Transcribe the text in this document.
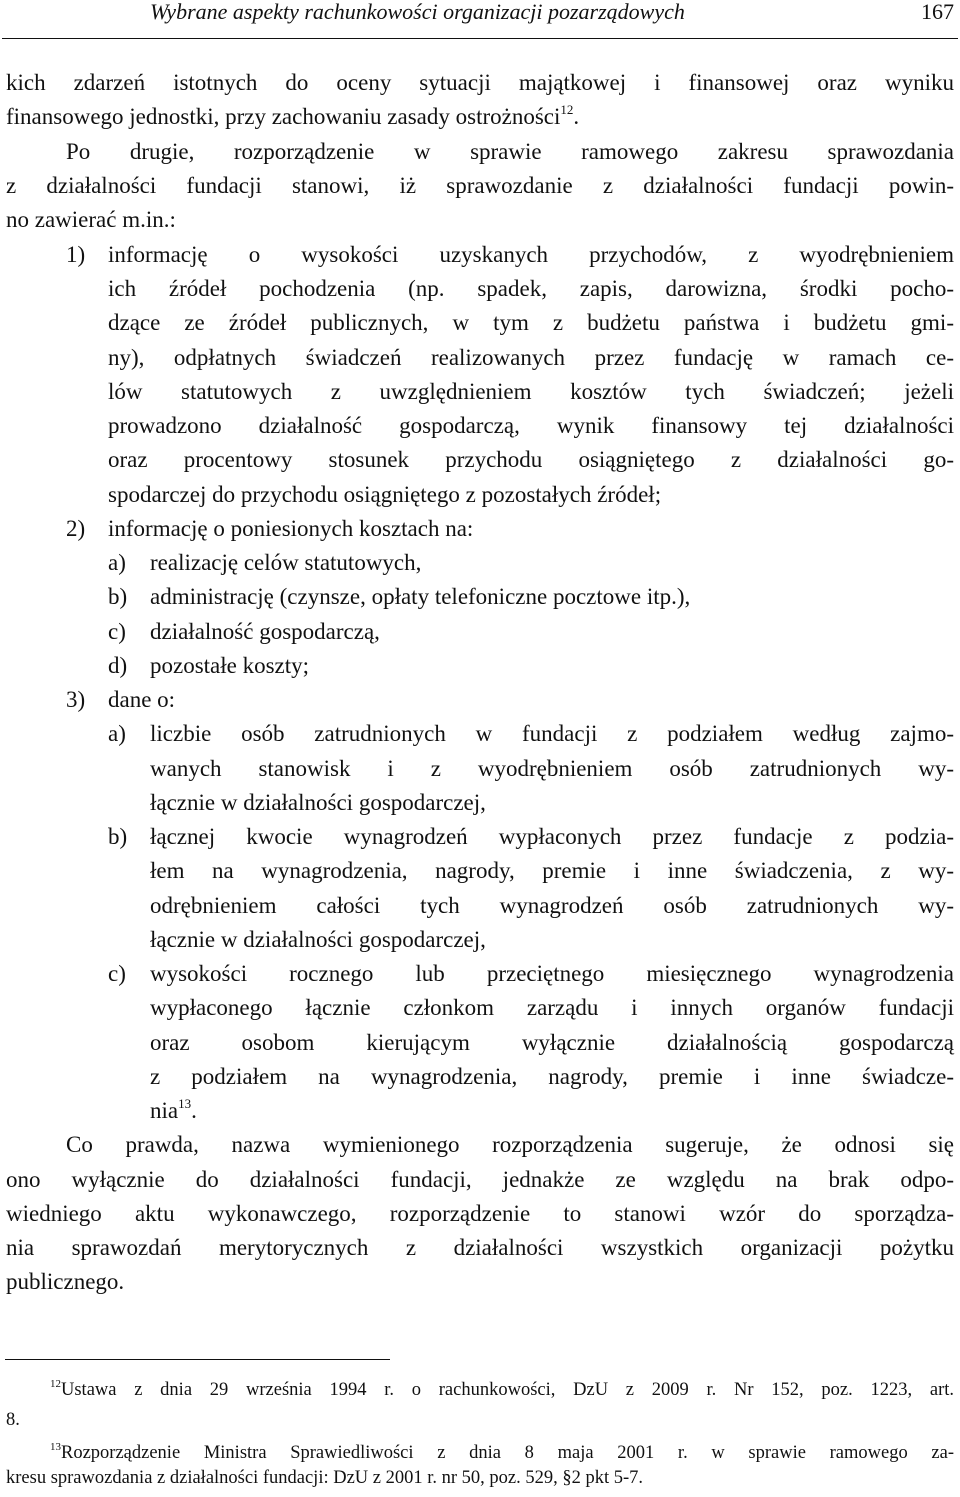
Wybrane aspekty rachunkowości organizacji pozarządowych	167
kich zdarzeń istotnych do oceny sytuacji majątkowej i finansowej oraz wyniku
finansowego jednostki, przy zachowaniu zasady ostrożności$^{12}$.
Po drugie, rozporządzenie w sprawie ramowego zakresu sprawozdania
z działalności fundacji stanowi, iż sprawozdanie z działalności fundacji powin-
no zawierać m.in.:
1) informację o wysokości uzyskanych przychodów, z wyodrębnieniem
ich źródeł pochodzenia (np. spadek, zapis, darowizna, środki pocho-
dzące ze źródeł publicznych, w tym z budżetu państwa i budżetu gmi-
ny), odpłatnych świadczeń realizowanych przez fundację w ramach ce-
lów statutowych z uwzględnieniem kosztów tych świadczeń; jeżeli
prowadzono działalność gospodarczą, wynik finansowy tej działalności
oraz procentowy stosunek przychodu osiągniętego z działalności go-
spodarczej do przychodu osiągniętego z pozostałych źródeł;
2) informację o poniesionych kosztach na:
a) realizację celów statutowych,
b) administrację (czynsze, opłaty telefoniczne pocztowe itp.),
c) działalność gospodarczą,
d) pozostałe koszty;
3) dane o:
a) liczbie osób zatrudnionych w fundacji z podziałem według zajmo-
wanych stanowisk i z wyodrębnieniem osób zatrudnionych wy-
łącznie w działalności gospodarczej,
b) łącznej kwocie wynagrodzeń wypłaconych przez fundacje z podzia-
łem na wynagrodzenia, nagrody, premie i inne świadczenia, z wy-
odrębnieniem całości tych wynagrodzeń osób zatrudnionych wy-
łącznie w działalności gospodarczej,
c) wysokości rocznego lub przeciętnego miesięcznego wynagrodzenia
wypłaconego łącznie członkom zarządu i innych organów fundacji
oraz osobom kierującym wyłącznie działalnością gospodarczą
z podziałem na wynagrodzenia, nagrody, premie i inne świadcze-
nia$^{13}$.
Co prawda, nazwa wymienionego rozporządzenia sugeruje, że odnosi się
ono wyłącznie do działalności fundacji, jednakże ze względu na brak odpo-
wiedniego aktu wykonawczego, rozporządzenie to stanowi wzór do sporządza-
nia sprawozdań merytorycznych z działalności wszystkich organizacji pożytku
publicznego.
$^{12}$Ustawa z dnia 29 września 1994 r. o rachunkowości, DzU z 2009 r. Nr 152, poz. 1223, art.
8.
$^{13}$Rozporządzenie Ministra Sprawiedliwości z dnia 8 maja 2001 r. w sprawie ramowego za-
kresu sprawozdania z działalności fundacji: DzU z 2001 r. nr 50, poz. 529, §2 pkt 5-7.
